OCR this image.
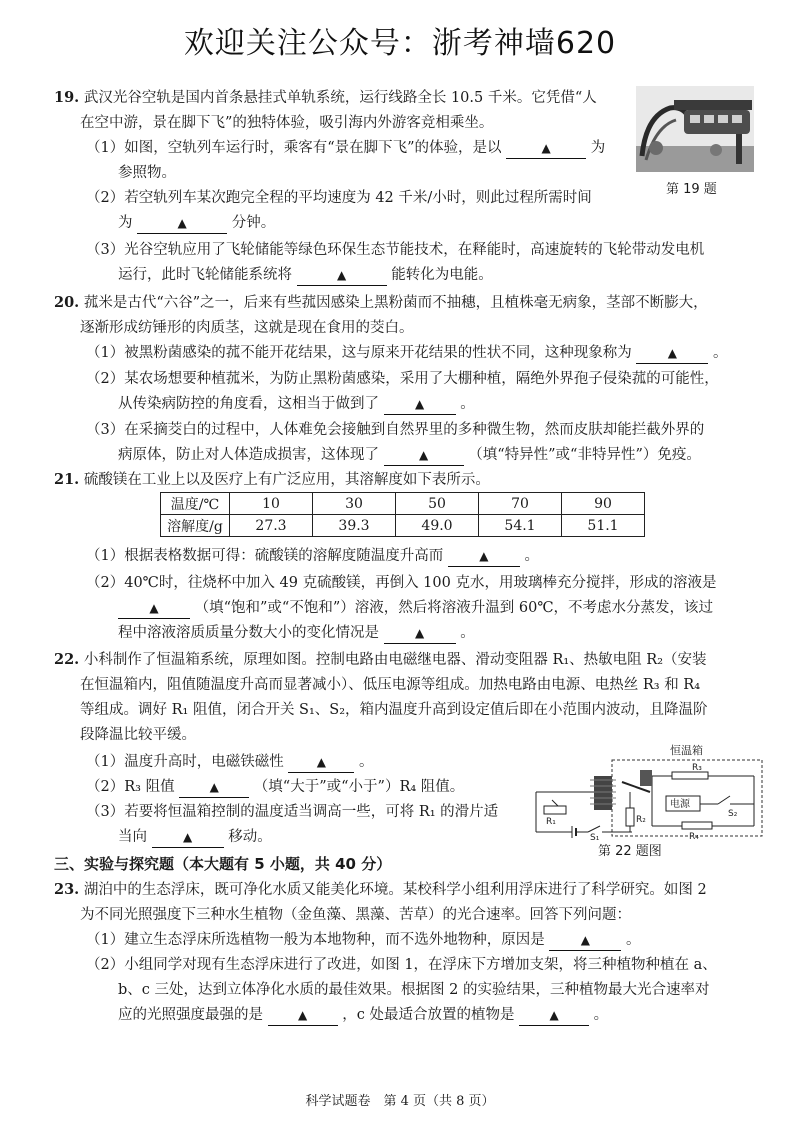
欢迎关注公众号：浙考神墙620
19. 武汉光谷空轨是国内首条悬挂式单轨系统，运行线路全长 10.5 千米。它凭借“人
在空中游，景在脚下飞”的独特体验，吸引海内外游客竞相乘坐。
（1）如图，空轨列车运行时，乘客有“景在脚下飞”的体验，是以	▲	为
参照物。
（2）若空轨列车某次跑完全程的平均速度为 42 千米/小时，则此过程所需时间
为	▲	分钟。
（3）光谷空轨应用了飞轮储能等绿色环保生态节能技术，在释能时，高速旋转的飞轮带动发电机
运行，此时飞轮储能系统将	▲	能转化为电能。
第 19 题
20. 菰米是古代“六谷”之一，后来有些菰因感染上黑粉菌而不抽穗，且植株毫无病象，茎部不断膨大，
逐渐形成纺锤形的肉质茎，这就是现在食用的茭白。
（1）被黑粉菌感染的菰不能开花结果，这与原来开花结果的性状不同，这种现象称为	▲ 。
（2）某农场想要种植菰米，为防止黑粉菌感染，采用了大棚种植，隔绝外界孢子侵染菰的可能性，
从传染病防控的角度看，这相当于做到了	▲ 。
（3）在采摘茭白的过程中，人体难免会接触到自然界里的多种微生物，然而皮肤却能拦截外界的
病原体，防止对人体造成损害，这体现了	▲	（填“特异性”或“非特异性”）免疫。
21. 硫酸镁在工业上以及医疗上有广泛应用，其溶解度如下表所示。
温度/℃	10	30	50	70	90
溶解度/g	27.3	39.3	49.0	54.1	51.1
（1）根据表格数据可得：硫酸镁的溶解度随温度升高而	▲ 。
（2）40℃时，往烧杯中加入 49 克硫酸镁，再倒入 100 克水，用玻璃棒充分搅拌，形成的溶液是
▲ （填“饱和”或“不饱和”）溶液，然后将溶液升温到 60℃，不考虑水分蒸发，该过
程中溶液溶质质量分数大小的变化情况是	▲ 。
22. 小科制作了恒温箱系统，原理如图。控制电路由电磁继电器、滑动变阻器 R₁、热敏电阻 R₂（安装
在恒温箱内，阻值随温度升高而显著减小）、低压电源等组成。加热电路由电源、电热丝 R₃ 和 R₄
等组成。调好 R₁ 阻值，闭合开关 S₁、S₂，箱内温度升高到设定值后即在小范围内波动，且降温阶
段降温比较平缓。
（1）温度升高时，电磁铁磁性	▲ 。
（2）R₃ 阻值	▲ （填“大于”或“小于”）R₄ 阻值。
（3）若要将恒温箱控制的温度适当调高一些，可将 R₁ 的滑片适
当向	▲ 移动。
恒温箱
R₃
电源
S₂
R₄
R₁
S₁
R₂
第 22 题图
三、实验与探究题（本大题有 5 小题，共 40 分）
23. 湖泊中的生态浮床，既可净化水质又能美化环境。某校科学小组利用浮床进行了科学研究。如图 2
为不同光照强度下三种水生植物（金鱼藻、黑藻、苦草）的光合速率。回答下列问题：
（1）建立生态浮床所选植物一般为本地物种，而不选外地物种，原因是	▲ 。
（2）小组同学对现有生态浮床进行了改进，如图 1，在浮床下方增加支架，将三种植物种植在 a、
b、c 三处，达到立体净化水质的最佳效果。根据图 2 的实验结果，三种植物最大光合速率对
应的光照强度最强的是	▲ ，c 处最适合放置的植物是	▲ 。
科学试题卷　第 4 页（共 8 页）
